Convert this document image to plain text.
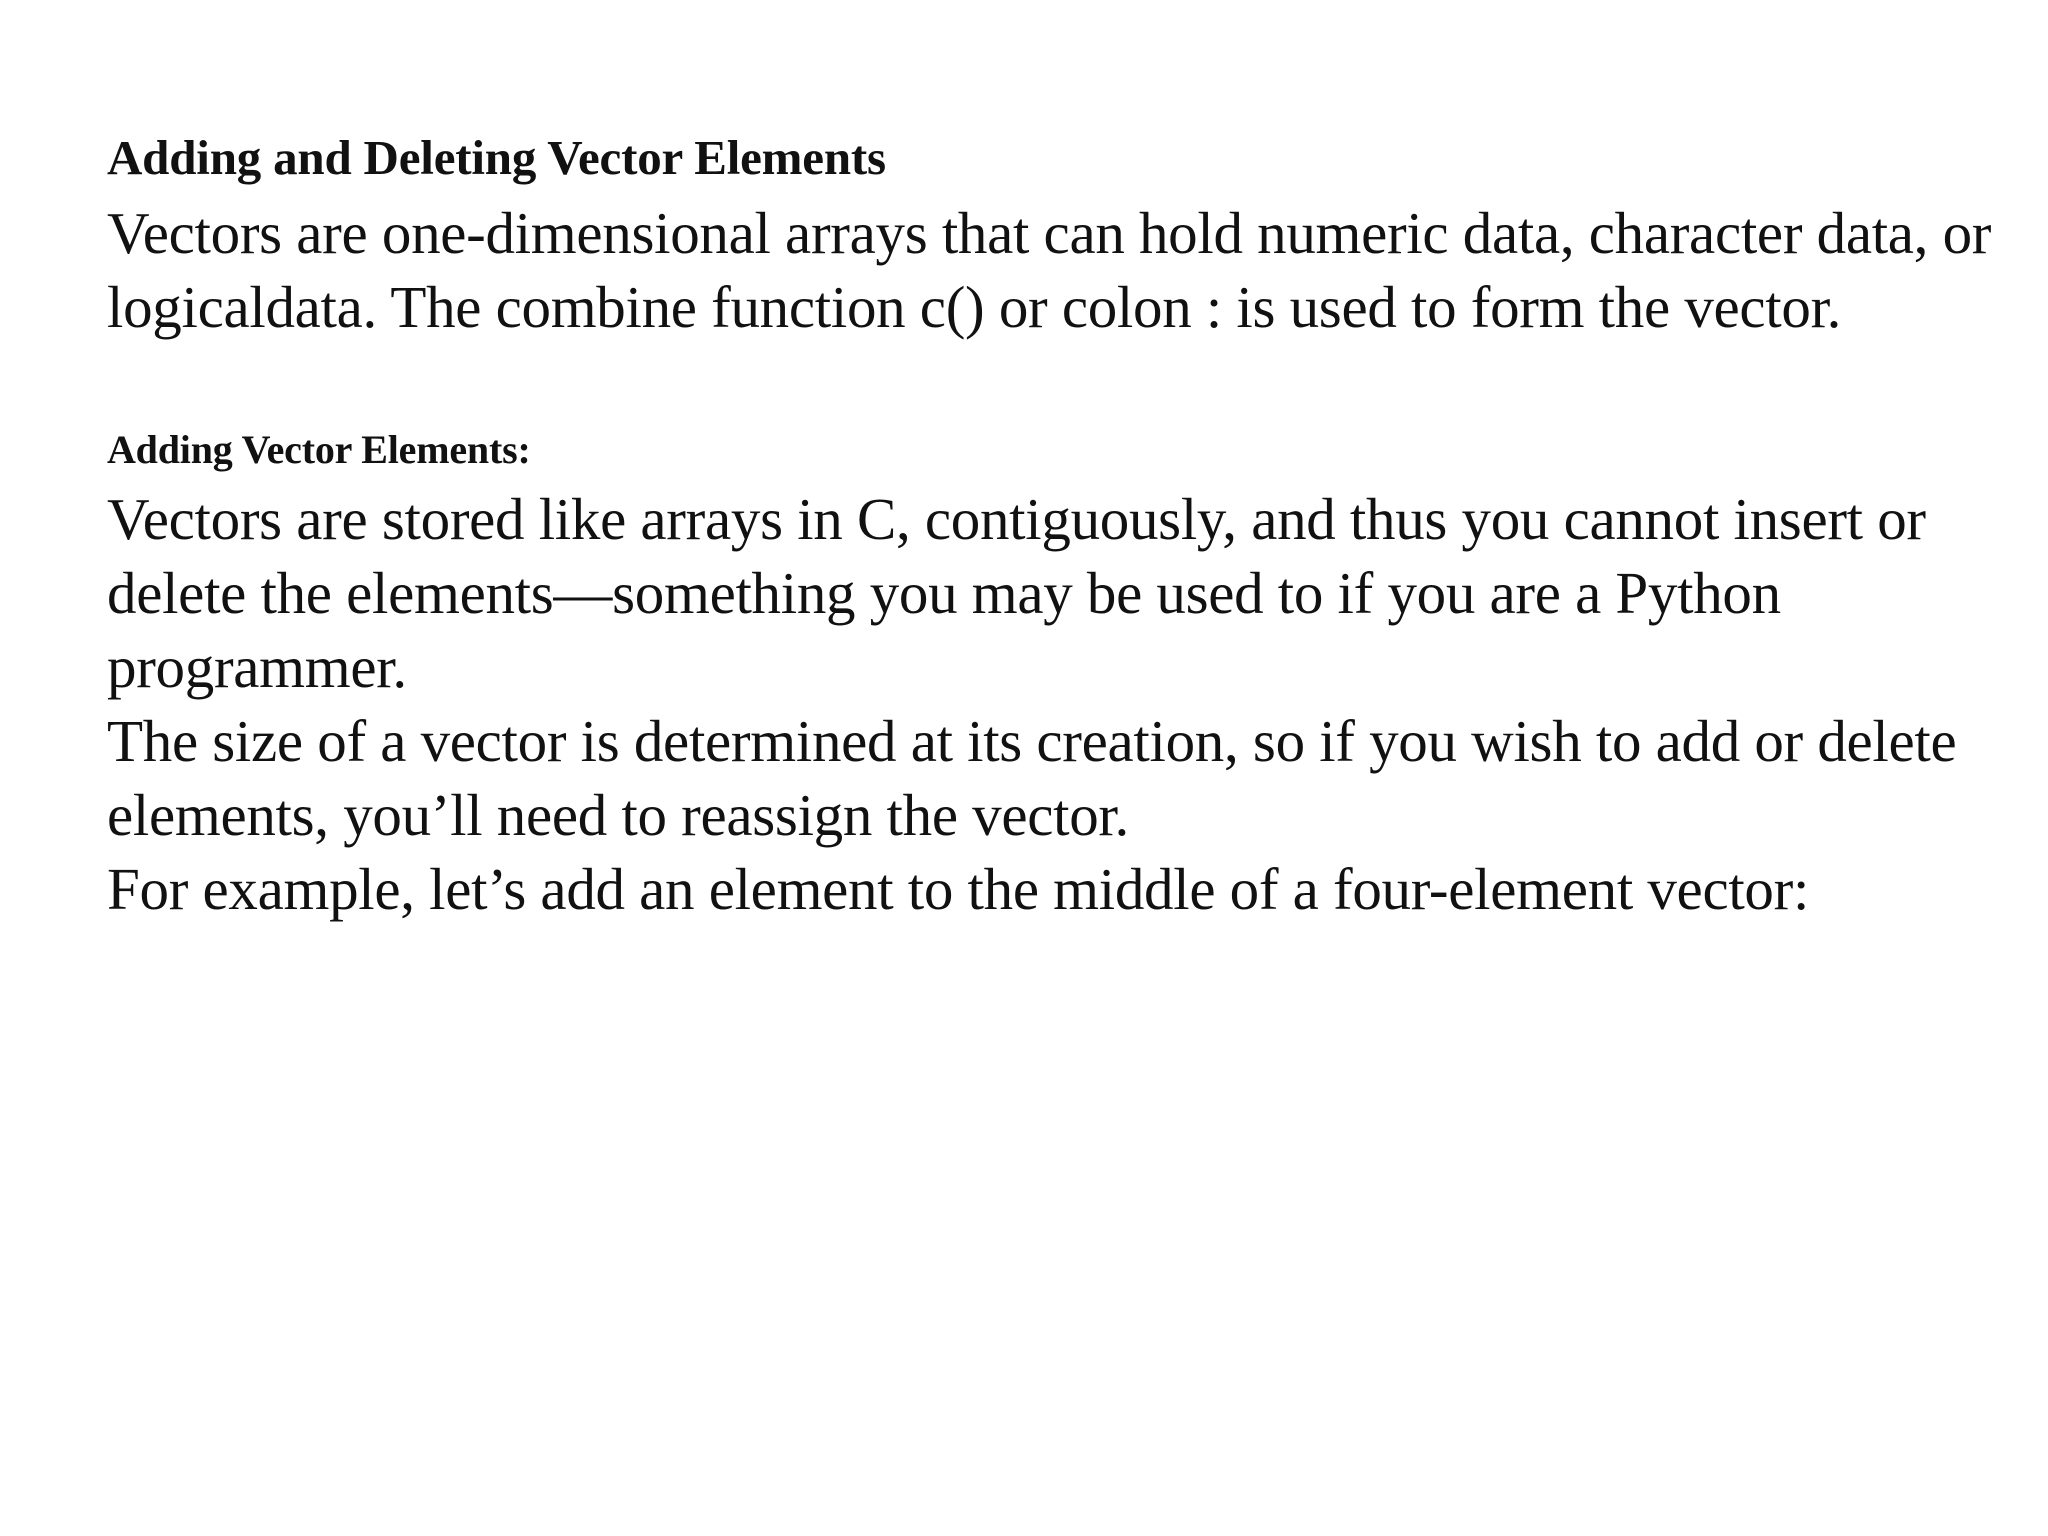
Adding and Deleting Vector Elements

Vectors are one-dimensional arrays that can hold numeric data, character data, or
logicaldata. The combine function c() or colon : is used to form the vector.

Adding Vector Elements:

Vectors are stored like arrays in C, contiguously, and thus you cannot insert or
delete the elements—something you may be used to if you are a Python
programmer.
The size of a vector is determined at its creation, so if you wish to add or delete
elements, you’ll need to reassign the vector.
For example, let’s add an element to the middle of a four-element vector:
